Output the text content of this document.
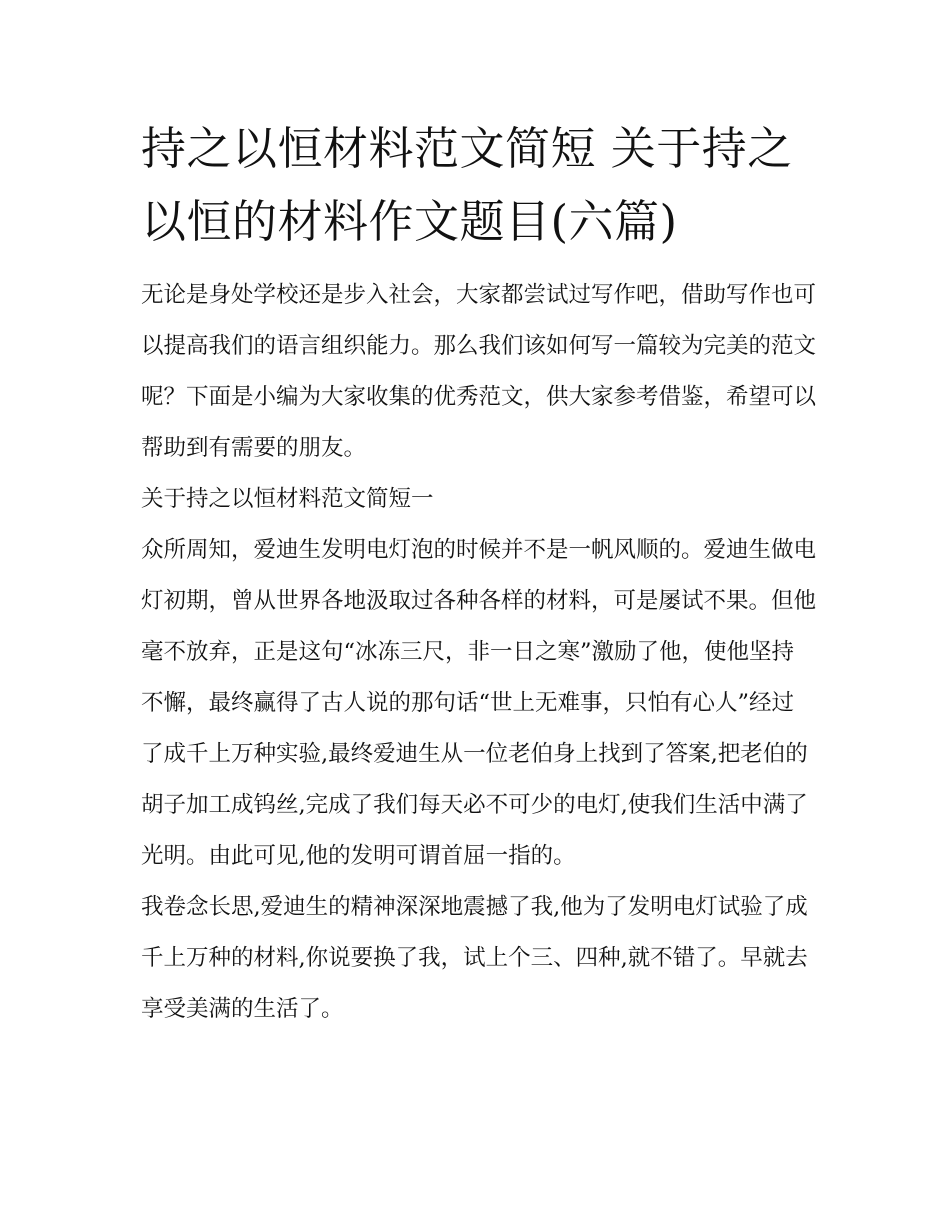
持之以恒材料范文简短 关于持之以恒的材料作文题目(六篇)

无论是身处学校还是步入社会，大家都尝试过写作吧，借助写作也可以提高我们的语言组织能力。那么我们该如何写一篇较为完美的范文呢？下面是小编为大家收集的优秀范文，供大家参考借鉴，希望可以帮助到有需要的朋友。

关于持之以恒材料范文简短一

众所周知，爱迪生发明电灯泡的时候并不是一帆风顺的。爱迪生做电灯初期，曾从世界各地汲取过各种各样的材料，可是屡试不果。但他毫不放弃，正是这句“冰冻三尺，非一日之寒”激励了他，使他坚持不懈，最终赢得了古人说的那句话“世上无难事，只怕有心人”经过了成千上万种实验,最终爱迪生从一位老伯身上找到了答案,把老伯的胡子加工成钨丝,完成了我们每天必不可少的电灯,使我们生活中满了光明。由此可见,他的发明可谓首屈一指的。

我卷念长思,爱迪生的精神深深地震撼了我,他为了发明电灯试验了成千上万种的材料,你说要换了我，试上个三、四种,就不错了。早就去享受美满的生活了。
